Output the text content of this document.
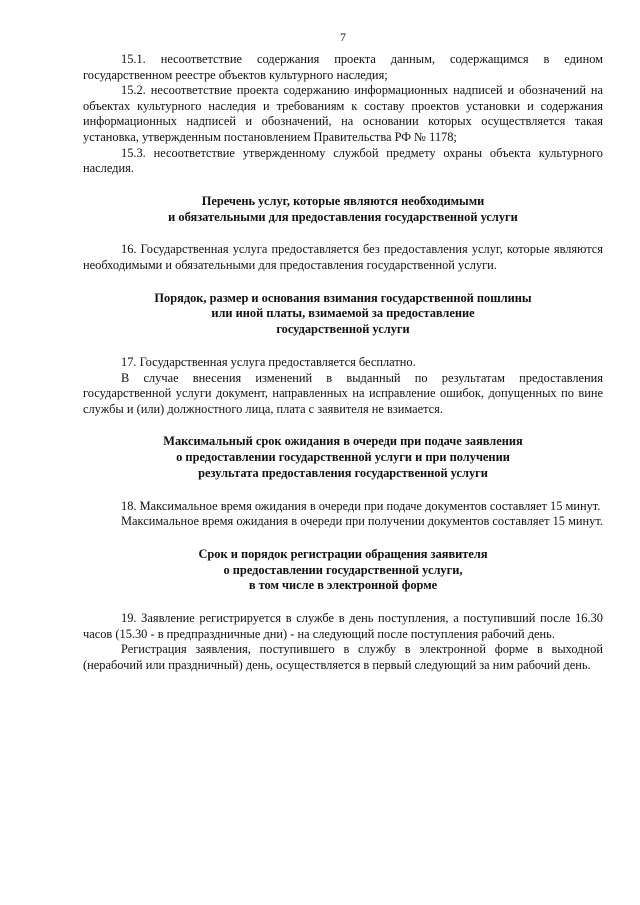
7

15.1. несоответствие содержания проекта данным, содержащимся в едином государственном реестре объектов культурного наследия;

15.2. несоответствие проекта содержанию информационных надписей и обозначений на объектах культурного наследия и требованиям к составу проектов установки и содержания информационных надписей и обозначений, на основании которых осуществляется такая установка, утвержденным постановлением Правительства РФ № 1178;

15.3. несоответствие утвержденному службой предмету охраны объекта культурного наследия.

Перечень услуг, которые являются необходимыми
и обязательными для предоставления государственной услуги

16. Государственная услуга предоставляется без предоставления услуг, которые являются необходимыми и обязательными для предоставления государственной услуги.

Порядок, размер и основания взимания государственной пошлины
или иной платы, взимаемой за предоставление
государственной услуги

17. Государственная услуга предоставляется бесплатно.

В случае внесения изменений в выданный по результатам предоставления государственной услуги документ, направленных на исправление ошибок, допущенных по вине службы и (или) должностного лица, плата с заявителя не взимается.

Максимальный срок ожидания в очереди при подаче заявления
о предоставлении государственной услуги и при получении
результата предоставления государственной услуги

18. Максимальное время ожидания в очереди при подаче документов составляет 15 минут.

Максимальное время ожидания в очереди при получении документов составляет 15 минут.

Срок и порядок регистрации обращения заявителя
о предоставлении государственной услуги,
в том числе в электронной форме

19. Заявление регистрируется в службе в день поступления, а поступивший после 16.30 часов (15.30 - в предпраздничные дни) - на следующий после поступления рабочий день.

Регистрация заявления, поступившего в службу в электронной форме в выходной (нерабочий или праздничный) день, осуществляется в первый следующий за ним рабочий день.
